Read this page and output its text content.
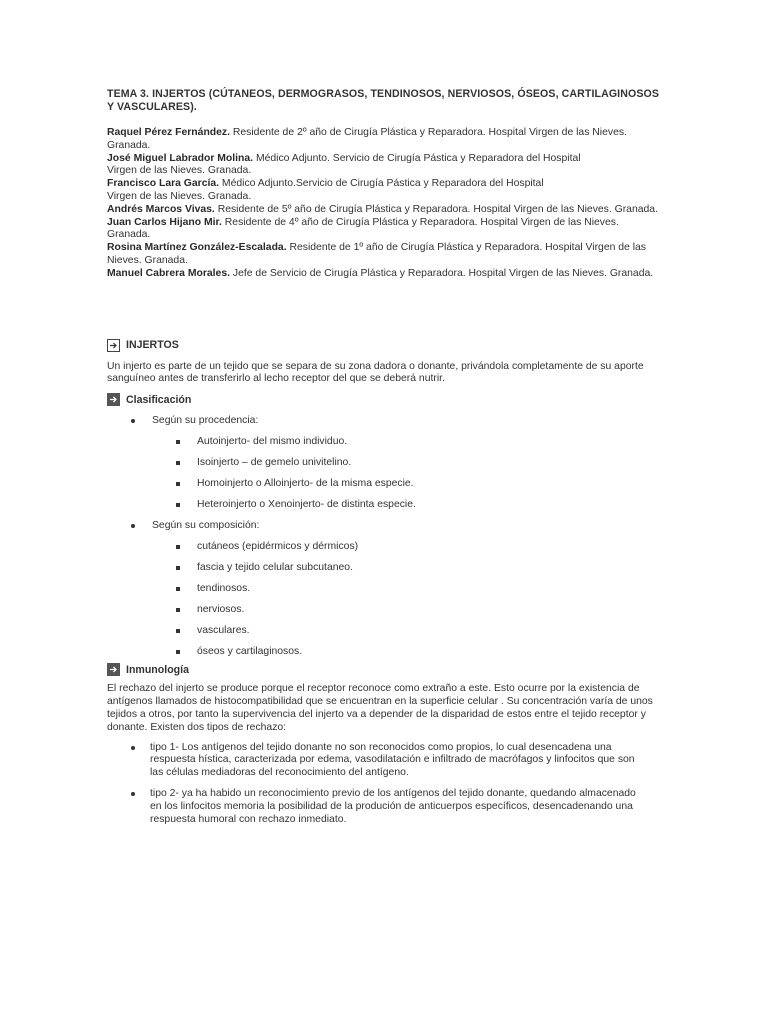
TEMA 3. INJERTOS (CÚTANEOS, DERMOGRASOS, TENDINOSOS, NERVIOSOS, ÓSEOS, CARTILAGINOSOS Y VASCULARES).

Raquel Pérez Fernández. Residente de 2º año de Cirugía Plástica y Reparadora. Hospital Virgen de las Nieves. Granada.

José Miguel Labrador Molina. Médico Adjunto. Servicio de Cirugía Pástica y Reparadora del Hospital Virgen de las Nieves. Granada.

Francisco Lara García. Médico Adjunto.Servicio de Cirugía Pástica y Reparadora del Hospital Virgen de las Nieves. Granada.

Andrés Marcos Vivas. Residente de 5º año de Cirugía Plástica y Reparadora. Hospital Virgen de las Nieves. Granada.

Juan Carlos Hijano Mir. Residente de 4º año de Cirugía Plástica y Reparadora. Hospital Virgen de las Nieves. Granada.

Rosina Martínez González-Escalada. Residente de 1º año de Cirugía Plástica y Reparadora. Hospital Virgen de las Nieves. Granada.

Manuel Cabrera Morales. Jefe de Servicio de Cirugía Plástica y Reparadora. Hospital Virgen de las Nieves. Granada.

INJERTOS

Un injerto es parte de un tejido que se separa de su zona dadora o donante, privándola completamente de su aporte sanguíneo antes de transferirlo al lecho receptor del que se deberá nutrir.

Clasificación
Según su procedencia:
Autoinjerto- del mismo individuo.
Isoinjerto – de gemelo univitelino.
Homoinjerto o Alloinjerto- de la misma especie.
Heteroinjerto o Xenoinjerto- de distinta especie.
Según su composición:
cutáneos (epidérmicos y dérmicos)
fascia y tejido celular subcutaneo.
tendinosos.
nerviosos.
vasculares.
óseos y cartilaginosos.
Inmunología

El rechazo del injerto se produce porque el receptor reconoce como extraño a este. Esto ocurre por la existencia de antígenos llamados de histocompatibilidad que se encuentran en la superficie celular . Su concentración varía de unos tejidos a otros, por tanto la supervivencia del injerto va a depender de la disparidad de estos entre el tejido receptor y donante. Existen dos tipos de rechazo:

tipo 1- Los antígenos del tejido donante no son reconocidos como propios, lo cual desencadena una respuesta hística, caracterizada por edema, vasodilatación e infiltrado de macrófagos y linfocitos que son las células mediadoras del reconocimiento del antígeno.
tipo 2- ya ha habido un reconocimiento previo de los antígenos del tejido donante, quedando almacenado en los linfocitos memoria la posibilidad de la produción de anticuerpos específicos, desencadenando una respuesta humoral con rechazo inmediato.
